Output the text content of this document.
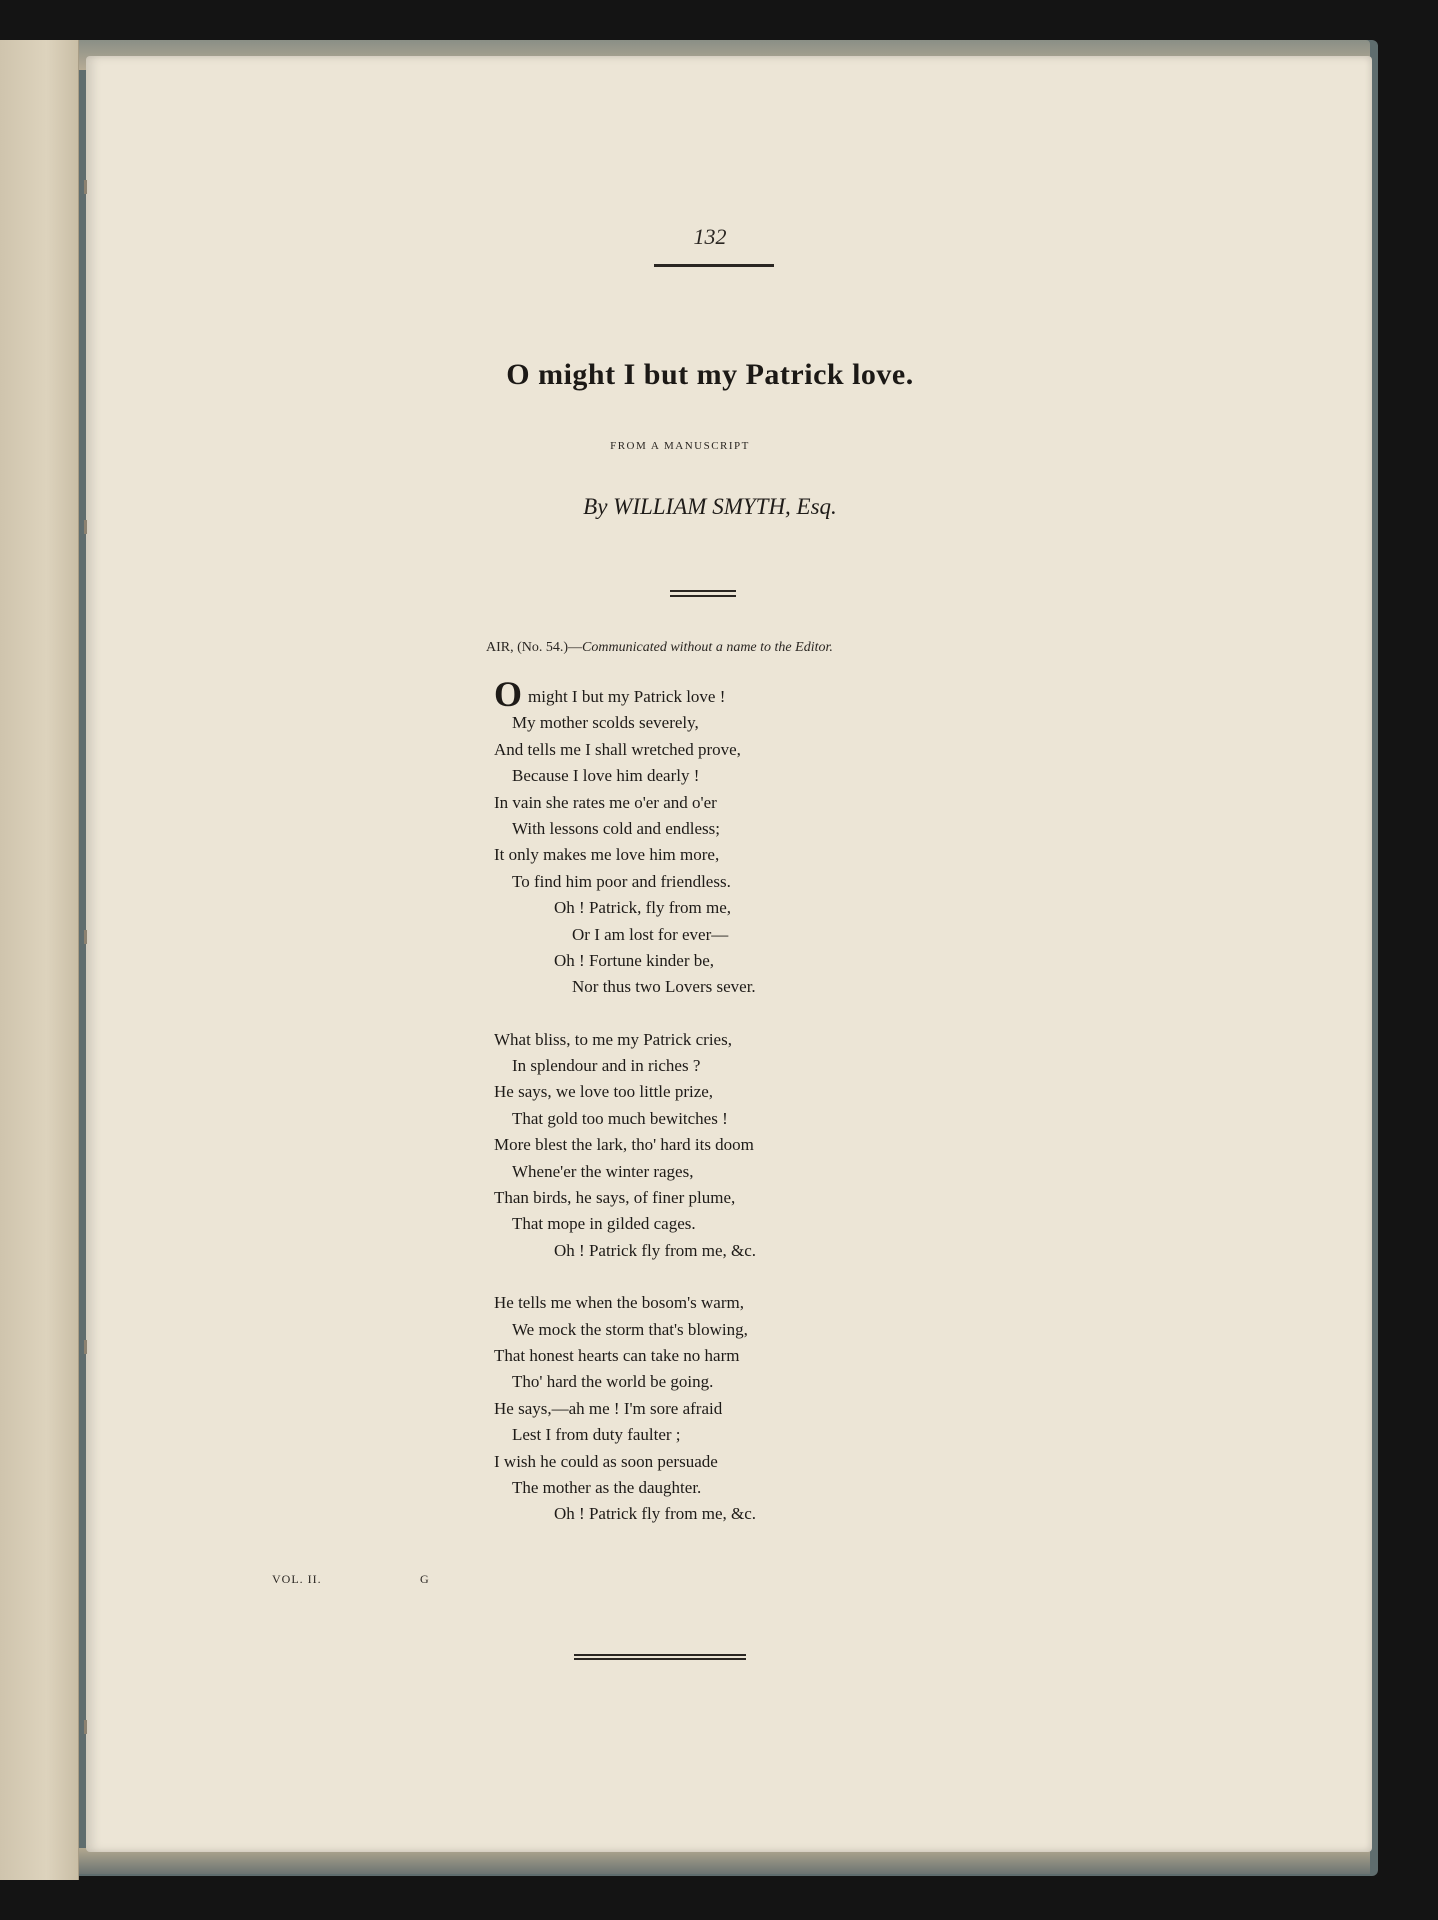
132
O might I but my Patrick love.
FROM A MANUSCRIPT
By WILLIAM SMYTH, Esq.
AIR, (No. 54.)—Communicated without a name to the Editor.
Omight I but my Patrick love !
My mother scolds severely,
And tells me I shall wretched prove,
Because I love him dearly !
In vain she rates me o'er and o'er
With lessons cold and endless;
It only makes me love him more,
To find him poor and friendless.
Oh ! Patrick, fly from me,
Or I am lost for ever—
Oh ! Fortune kinder be,
Nor thus two Lovers sever.
What bliss, to me my Patrick cries,
In splendour and in riches ?
He says, we love too little prize,
That gold too much bewitches !
More blest the lark, tho' hard its doom
Whene'er the winter rages,
Than birds, he says, of finer plume,
That mope in gilded cages.
Oh ! Patrick fly from me, &c.
He tells me when the bosom's warm,
We mock the storm that's blowing,
That honest hearts can take no harm
Tho' hard the world be going.
He says,—ah me ! I'm sore afraid
Lest I from duty faulter ;
I wish he could as soon persuade
The mother as the daughter.
Oh ! Patrick fly from me, &c.
VOL. II.	G
